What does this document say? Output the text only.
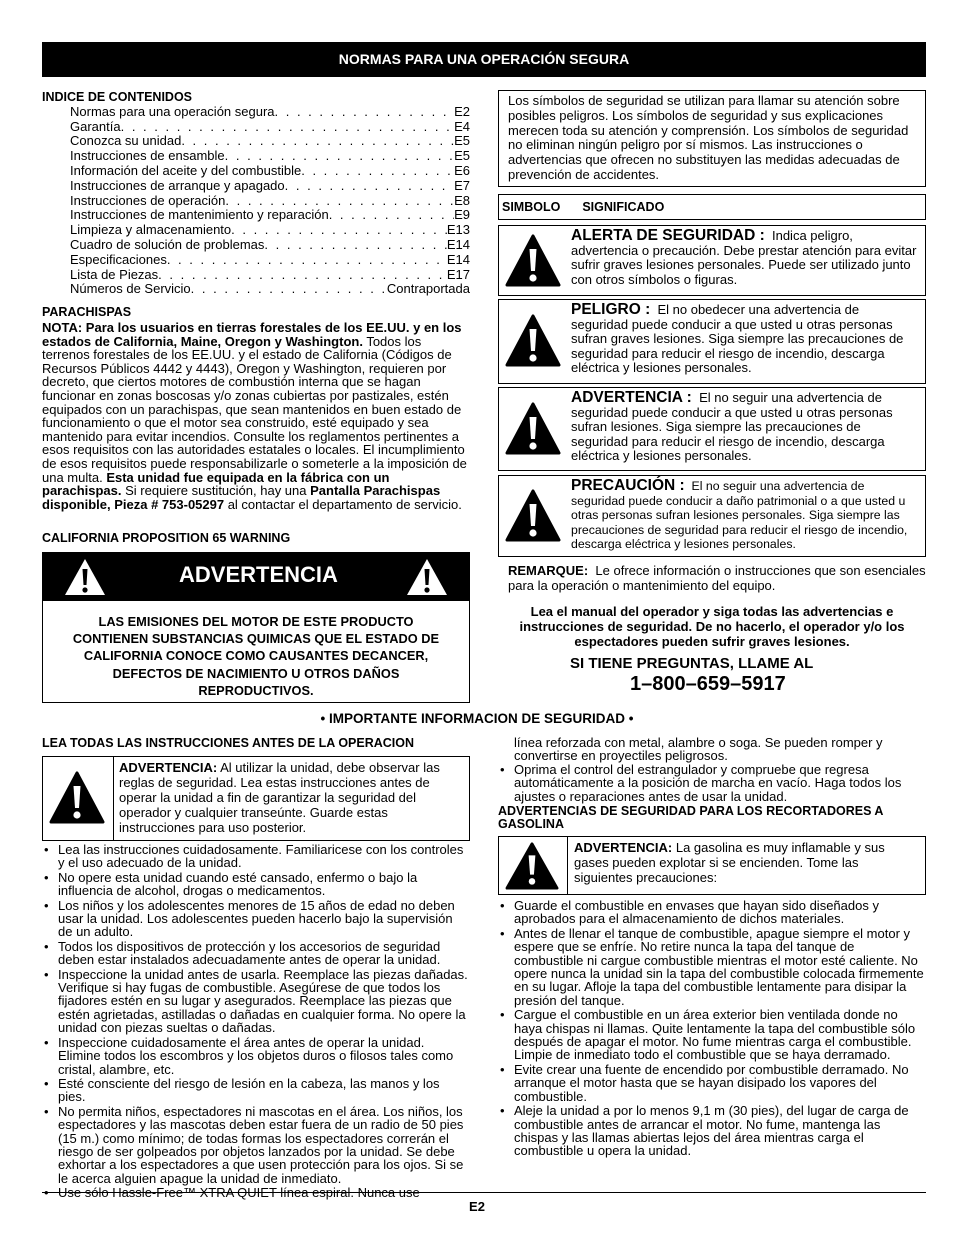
NORMAS PARA UNA OPERACIÓN SEGURA
INDICE DE CONTENIDOS
Normas para una operación segura . . .	E2
Garantía . . .	E4
Conozca su unidad . . .	E5
Instrucciones de ensamble . . .	E5
Información del aceite y del combustible . . .	E6
Instrucciones de arranque y apagado . . .	E7
Instrucciones de operación . . .	E8
Instrucciones de mantenimiento y reparación . . .	E9
Limpieza y almacenamiento . . .	E13
Cuadro de solución de problemas . . .	E14
Especificaciones . . .	E14
Lista de Piezas . . .	E17
Números de Servicio . . .	Contraportada
PARACHISPAS
NOTA: Para los usuarios en tierras forestales de los EE.UU. y en los estados de California, Maine, Oregon y Washington. Todos los terrenos forestales de los EE.UU. y el estado de California (Códigos de Recursos Públicos 4442 y 4443), Oregon y Washington, requieren por decreto, que ciertos motores de combustión interna que se hagan funcionar en zonas boscosas y/o zonas cubiertas por pastizales, estén equipados con un parachispas, que sean mantenidos en buen estado de funcionamiento o que el motor sea construido, esté equipado y sea mantenido para evitar incendios. Consulte los reglamentos pertinentes a esos requisitos con las autoridades estatales o locales. El incumplimiento de esos requisitos puede responsabilizarle o someterle a la imposición de una multa. Esta unidad fue equipada en la fábrica con un parachispas. Si requiere sustitución, hay una Pantalla Parachispas disponible, Pieza # 753-05297 al contactar el departamento de servicio.
CALIFORNIA PROPOSITION 65 WARNING
ADVERTENCIA
LAS EMISIONES DEL MOTOR DE ESTE PRODUCTO CONTIENEN SUBSTANCIAS QUIMICAS QUE EL ESTADO DE CALIFORNIA CONOCE COMO CAUSANTES DECANCER, DEFECTOS DE NACIMIENTO U OTROS DAÑOS REPRODUCTIVOS.
Los símbolos de seguridad se utilizan para llamar su atención sobre posibles peligros. Los símbolos de seguridad y sus explicaciones merecen toda su atención y comprensión. Los símbolos de seguridad no eliminan ningún peligro por sí mismos. Las instrucciones o advertencias que ofrecen no substituyen las medidas adecuadas de prevención de accidentes.
SIMBOLO SIGNIFICADO
ALERTA DE SEGURIDAD : Indica peligro, advertencia o precaución. Debe prestar atención para evitar sufrir graves lesiones personales. Puede ser utilizado junto con otros símbolos o figuras.
PELIGRO : El no obedecer una advertencia de seguridad puede conducir a que usted u otras personas sufran graves lesiones. Siga siempre las precauciones de seguridad para reducir el riesgo de incendio, descarga eléctrica y lesiones personales.
ADVERTENCIA : El no seguir una advertencia de seguridad puede conducir a que usted u otras personas sufran lesiones. Siga siempre las precauciones de seguridad para reducir el riesgo de incendio, descarga eléctrica y lesiones personales.
PRECAUCIÓN : El no seguir una advertencia de seguridad puede conducir a daño patrimonial o a que usted u otras personas sufran lesiones personales. Siga siempre las precauciones de seguridad para reducir el riesgo de incendio, descarga eléctrica y lesiones personales.
REMARQUE: Le ofrece información o instrucciones que son esenciales para la operación o mantenimiento del equipo.
Lea el manual del operador y siga todas las advertencias e instrucciones de seguridad. De no hacerlo, el operador y/o los espectadores pueden sufrir graves lesiones.
SI TIENE PREGUNTAS, LLAME AL
1–800–659–5917
• IMPORTANTE INFORMACION DE SEGURIDAD •
LEA TODAS LAS INSTRUCCIONES ANTES DE LA OPERACION
ADVERTENCIA: Al utilizar la unidad, debe observar las reglas de seguridad. Lea estas instrucciones antes de operar la unidad a fin de garantizar la seguridad del operador y cualquier transeúnte. Guarde estas instrucciones para uso posterior.
• Lea las instrucciones cuidadosamente. Familiaricese con los controles y el uso adecuado de la unidad.
• No opere esta unidad cuando esté cansado, enfermo o bajo la influencia de alcohol, drogas o medicamentos.
• Los niños y los adolescentes menores de 15 años de edad no deben usar la unidad. Los adolescentes pueden hacerlo bajo la supervisión de un adulto.
• Todos los dispositivos de protección y los accesorios de seguridad deben estar instalados adecuadamente antes de operar la unidad.
• Inspeccione la unidad antes de usarla. Reemplace las piezas dañadas. Verifique si hay fugas de combustible. Asegúrese de que todos los fijadores estén en su lugar y asegurados. Reemplace las piezas que estén agrietadas, astilladas o dañadas en cualquier forma. No opere la unidad con piezas sueltas o dañadas.
• Inspeccione cuidadosamente el área antes de operar la unidad. Elimine todos los escombros y los objetos duros o filosos tales como cristal, alambre, etc.
• Esté consciente del riesgo de lesión en la cabeza, las manos y los pies.
• No permita niños, espectadores ni mascotas en el área. Los niños, los espectadores y las mascotas deben estar fuera de un radio de 50 pies (15 m.) como mínimo; de todas formas los espectadores correrán el riesgo de ser golpeados por objetos lanzados por la unidad. Se debe exhortar a los espectadores a que usen protección para los ojos. Si se le acerca alguien apague la unidad de inmediato.
• Use sólo Hassle-Free™ XTRA QUIET línea espiral. Nunca use
línea reforzada con metal, alambre o soga. Se pueden romper y convertirse en proyectiles peligrosos.
• Oprima el control del estrangulador y compruebe que regresa automáticamente a la posición de marcha en vacío. Haga todos los ajustes o reparaciones antes de usar la unidad.
ADVERTENCIAS DE SEGURIDAD PARA LOS RECORTADORES A GASOLINA
ADVERTENCIA: La gasolina es muy inflamable y sus gases pueden explotar si se encienden. Tome las siguientes precauciones:
• Guarde el combustible en envases que hayan sido diseñados y aprobados para el almacenamiento de dichos materiales.
• Antes de llenar el tanque de combustible, apague siempre el motor y espere que se enfríe. No retire nunca la tapa del tanque de combustible ni cargue combustible mientras el motor esté caliente. No opere nunca la unidad sin la tapa del combustible colocada firmemente en su lugar. Afloje la tapa del combustible lentamente para disipar la presión del tanque.
• Cargue el combustible en un área exterior bien ventilada donde no haya chispas ni llamas. Quite lentamente la tapa del combustible sólo después de apagar el motor. No fume mientras carga el combustible. Limpie de inmediato todo el combustible que se haya derramado.
• Evite crear una fuente de encendido por combustible derramado. No arranque el motor hasta que se hayan disipado los vapores del combustible.
• Aleje la unidad a por lo menos 9,1 m (30 pies), del lugar de carga de combustible antes de arrancar el motor. No fume, mantenga las chispas y las llamas abiertas lejos del área mientras carga el combustible u opera la unidad.
E2
